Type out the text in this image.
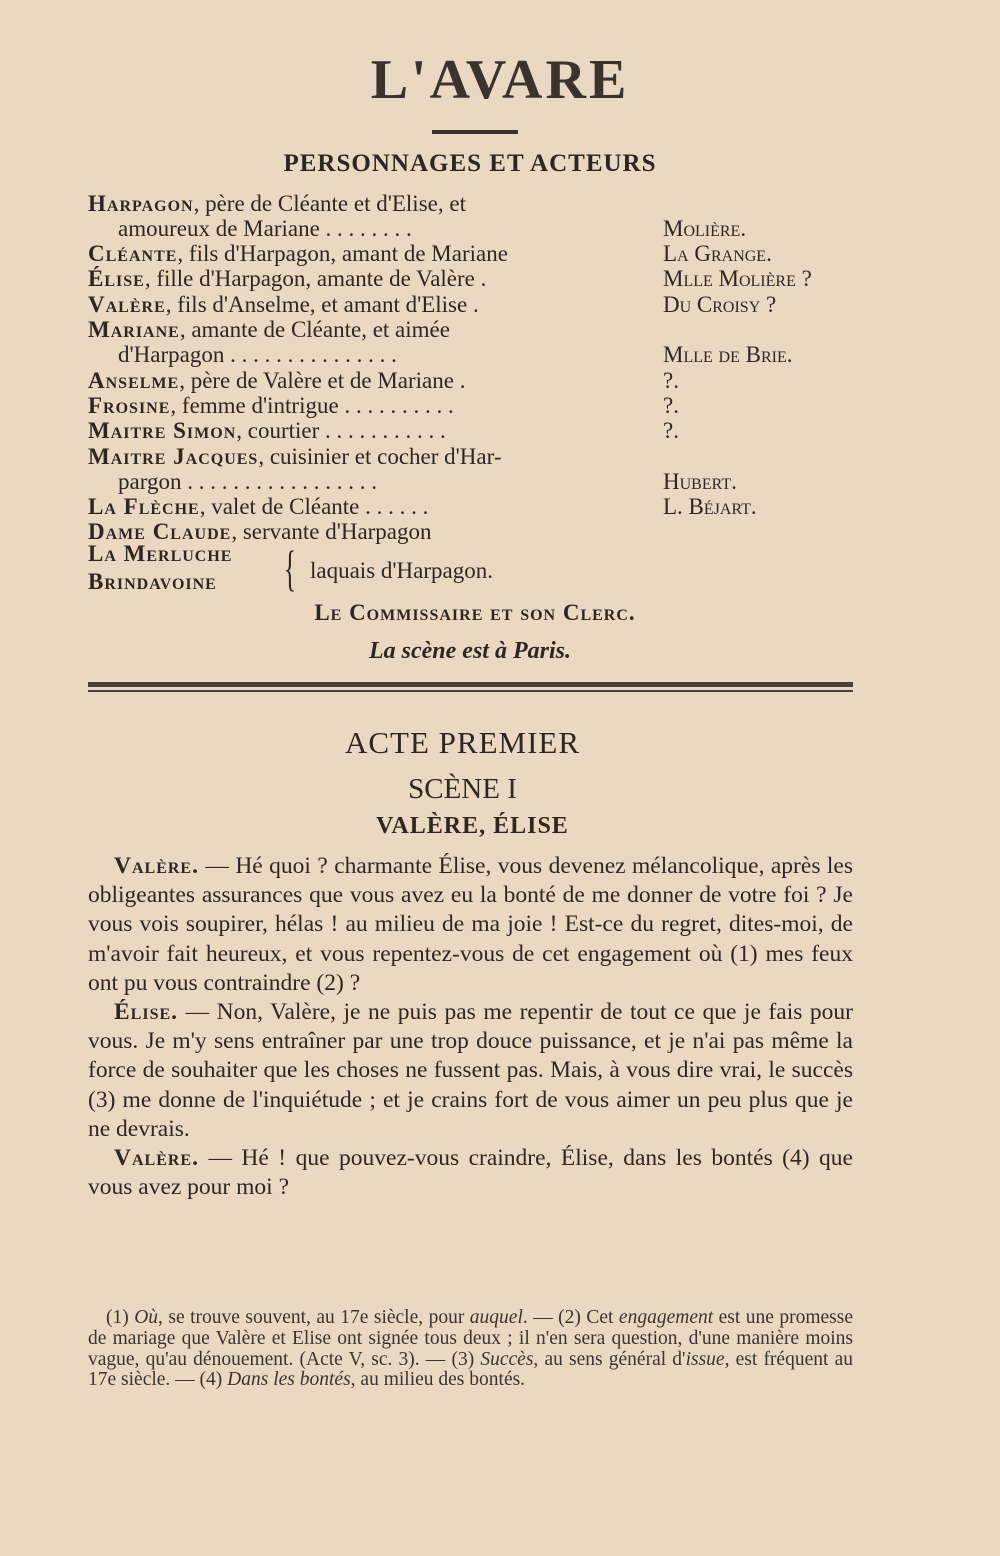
L'AVARE
PERSONNAGES ET ACTEURS
Harpagon, père de Cléante et d'Elise, et
amoureux de Mariane . . . . . . . .	Molière.
Cléante, fils d'Harpagon, amant de Mariane	La Grange.
Élise, fille d'Harpagon, amante de Valère .	Mlle Molière ?
Valère, fils d'Anselme, et amant d'Elise .	Du Croisy ?
Mariane, amante de Cléante, et aimée
d'Harpagon . . . . . . . . . . . . . . .	Mlle de Brie.
Anselme, père de Valère et de Mariane .	?.
Frosine, femme d'intrigue . . . . . . . . . .	?.
Maitre Simon, courtier . . . . . . . . . . .	?.
Maitre Jacques, cuisinier et cocher d'Har-
pargon . . . . . . . . . . . . . . . . .	Hubert.
La Flèche, valet de Cléante . . . . . .	L. Béjart.
Dame Claude, servante d'Harpagon
La Merluche
Brindavoine	{ laquais d'Harpagon.
Le Commissaire et son Clerc.
La scène est à Paris.
ACTE PREMIER
SCÈNE I
VALÈRE, ÉLISE

Valère. — Hé quoi ? charmante Élise, vous devenez mélancolique, après les obligeantes assurances que vous avez eu la bonté de me donner de votre foi ? Je vous vois soupirer, hélas ! au milieu de ma joie ! Est-ce du regret, dites-moi, de m'avoir fait heureux, et vous repentez-vous de cet engagement où (1) mes feux ont pu vous contraindre (2) ?

Élise. — Non, Valère, je ne puis pas me repentir de tout ce que je fais pour vous. Je m'y sens entraîner par une trop douce puissance, et je n'ai pas même la force de souhaiter que les choses ne fussent pas. Mais, à vous dire vrai, le succès (3) me donne de l'inquiétude ; et je crains fort de vous aimer un peu plus que je ne devrais.

Valère. — Hé ! que pouvez-vous craindre, Élise, dans les bontés (4) que vous avez pour moi ?

(1) Où, se trouve souvent, au 17e siècle, pour auquel. — (2) Cet engagement est une promesse de mariage que Valère et Elise ont signée tous deux ; il n'en sera question, d'une manière moins vague, qu'au dénouement. (Acte V, sc. 3). — (3) Succès, au sens général d'issue, est fréquent au 17e siècle. — (4) Dans les bontés, au milieu des bontés.
